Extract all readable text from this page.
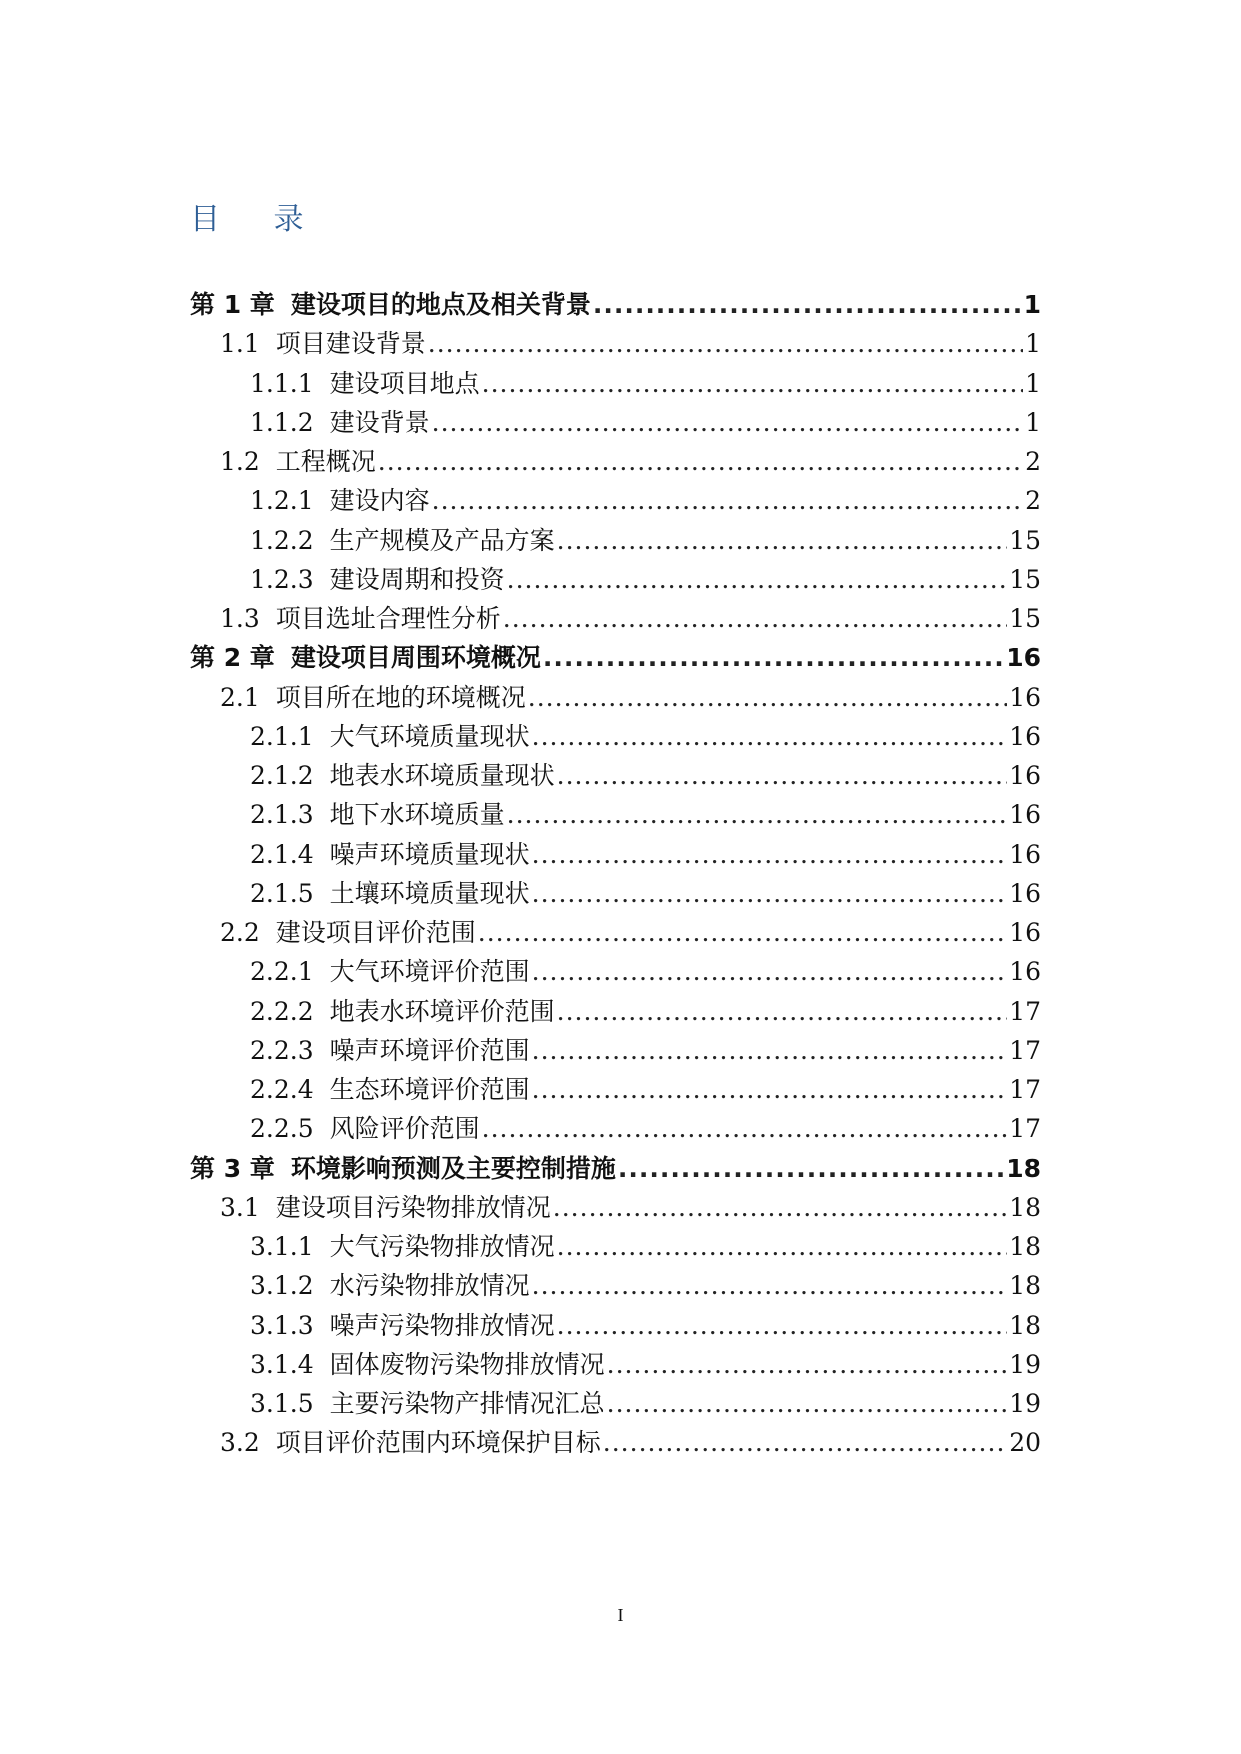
目 录
第 1 章 建设项目的地点及相关背景 .....	1
1.1 项目建设背景 .....	1
1.1.1 建设项目地点 .....	1
1.1.2 建设背景 .....	1
1.2 工程概况 .....	2
1.2.1 建设内容 .....	2
1.2.2 生产规模及产品方案 .....	15
1.2.3 建设周期和投资 .....	15
1.3 项目选址合理性分析 .....	15
第 2 章 建设项目周围环境概况 .....	16
2.1 项目所在地的环境概况 .....	16
2.1.1 大气环境质量现状 .....	16
2.1.2 地表水环境质量现状 .....	16
2.1.3 地下水环境质量 .....	16
2.1.4 噪声环境质量现状 .....	16
2.1.5 土壤环境质量现状 .....	16
2.2 建设项目评价范围 .....	16
2.2.1 大气环境评价范围 .....	16
2.2.2 地表水环境评价范围 .....	17
2.2.3 噪声环境评价范围 .....	17
2.2.4 生态环境评价范围 .....	17
2.2.5 风险评价范围 .....	17
第 3 章 环境影响预测及主要控制措施 .....	18
3.1 建设项目污染物排放情况 .....	18
3.1.1 大气污染物排放情况 .....	18
3.1.2 水污染物排放情况 .....	18
3.1.3 噪声污染物排放情况 .....	18
3.1.4 固体废物污染物排放情况 .....	19
3.1.5 主要污染物产排情况汇总 .....	19
3.2 项目评价范围内环境保护目标 .....	20
I
